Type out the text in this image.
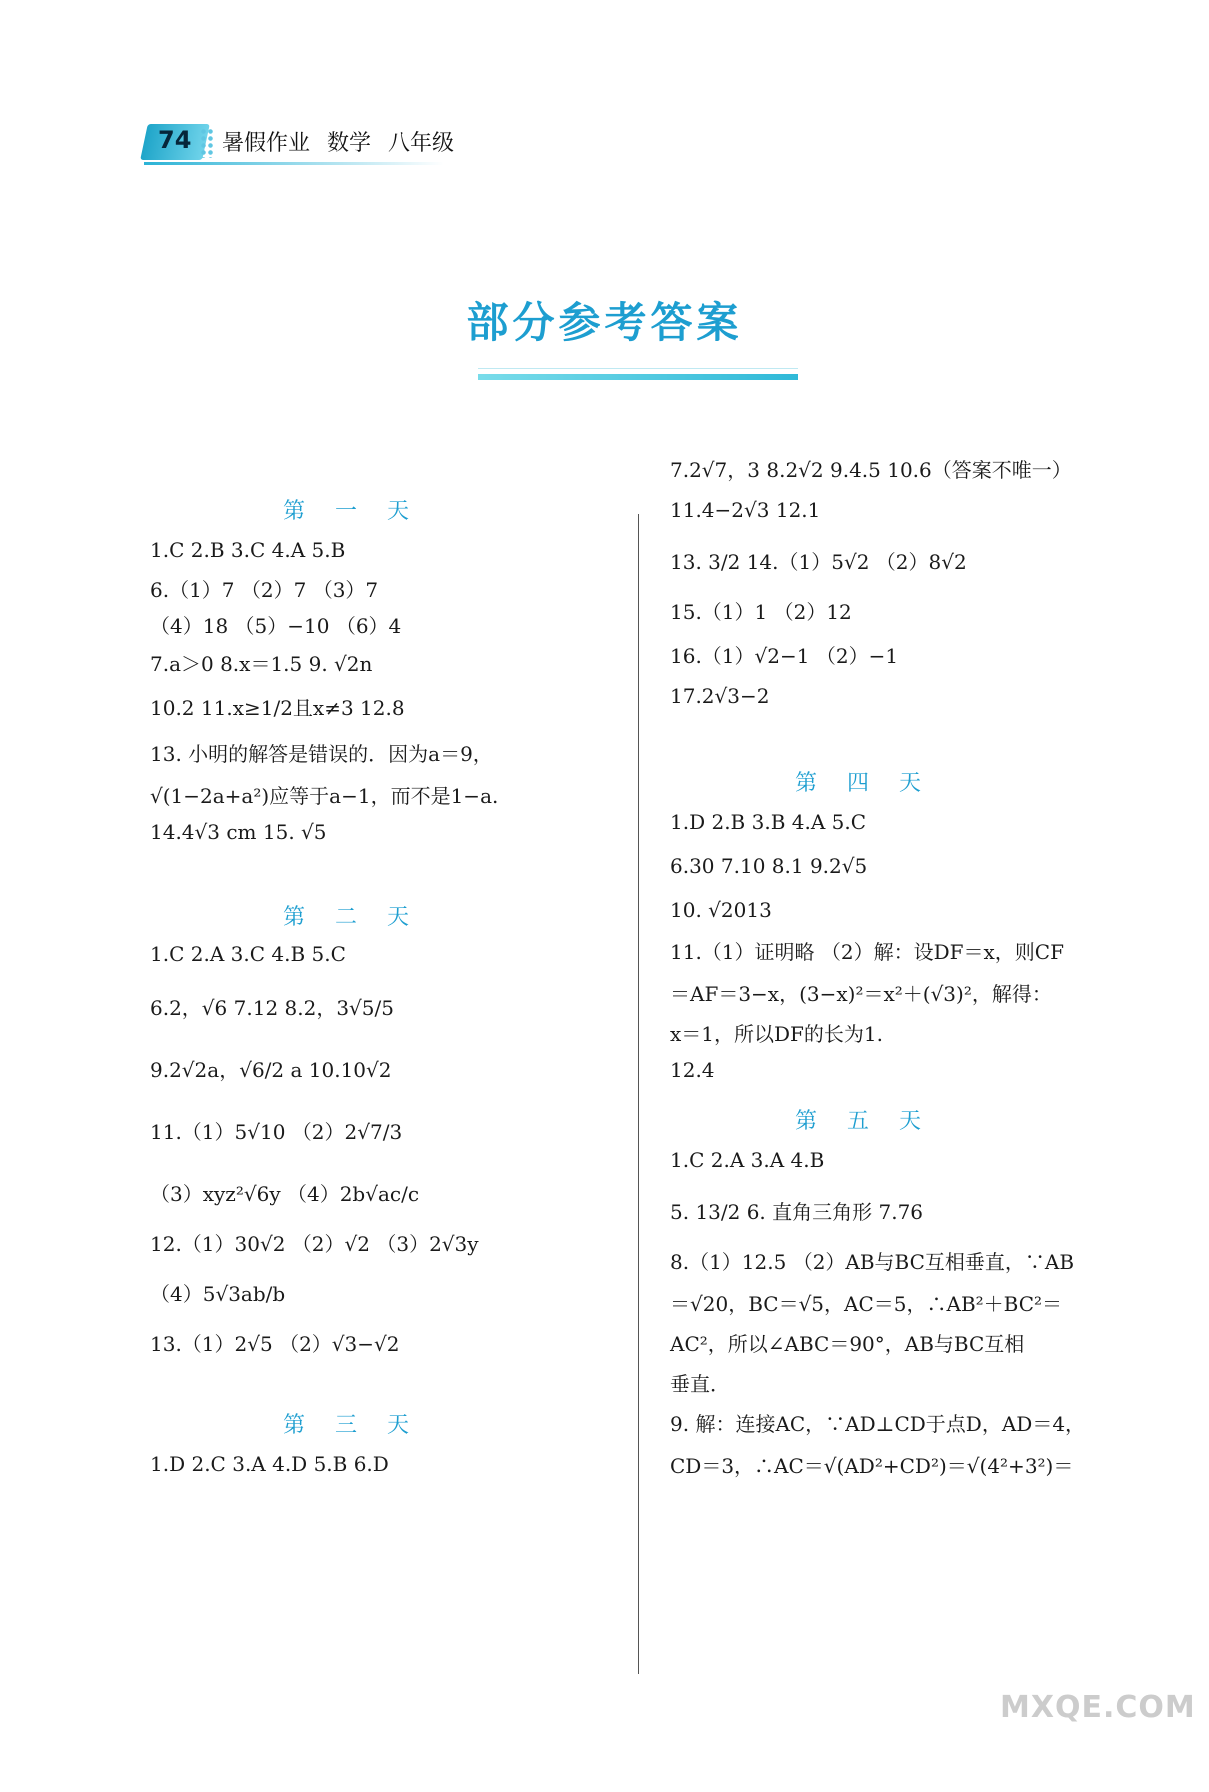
74 暑假作业 数学 八年级
部分参考答案
第 一 天
1.C 2.B 3.C 4.A 5.B
6.（1）7 （2）7 （3）7
（4）18 （5）−10 （6）4
7.a＞0 8.x＝1.5 9. √2n
10.2 11.x≥1/2且x≠3 12.8
13. 小明的解答是错误的．因为a＝9，
√(1−2a+a²)应等于a−1，而不是1−a.
14.4√3 cm 15. √5
第 二 天
1.C 2.A 3.C 4.B 5.C
6.2，√6 7.12 8.2，3√5/5
9.2√2a，√6/2 a 10.10√2
11.（1）5√10 （2）2√7/3
（3）xyz²√6y （4）2b√ac/c
12.（1）30√2 （2）√2 （3）2√3y
（4）5√3ab/b
13.（1）2√5 （2）√3−√2
第 三 天
1.D 2.C 3.A 4.D 5.B 6.D
7.2√7，3 8.2√2 9.4.5 10.6（答案不唯一）
11.4−2√3 12.1
13. 3/2 14.（1）5√2 （2）8√2
15.（1）1 （2）12
16.（1）√2−1 （2）−1
17.2√3−2
第 四 天
1.D 2.B 3.B 4.A 5.C
6.30 7.10 8.1 9.2√5
10. √2013
11.（1）证明略 （2）解：设DF＝x，则CF
＝AF＝3−x，(3−x)²＝x²＋(√3)²，解得：
x＝1，所以DF的长为1.
12.4
第 五 天
1.C 2.A 3.A 4.B
5. 13/2 6. 直角三角形 7.76
8.（1）12.5 （2）AB与BC互相垂直，∵AB
＝√20，BC＝√5，AC＝5，∴AB²＋BC²＝
AC²，所以∠ABC＝90°，AB与BC互相
垂直．
9. 解：连接AC，∵AD⊥CD于点D，AD＝4，
CD＝3，∴AC＝√(AD²+CD²)＝√(4²+3²)＝
MXQE.COM
